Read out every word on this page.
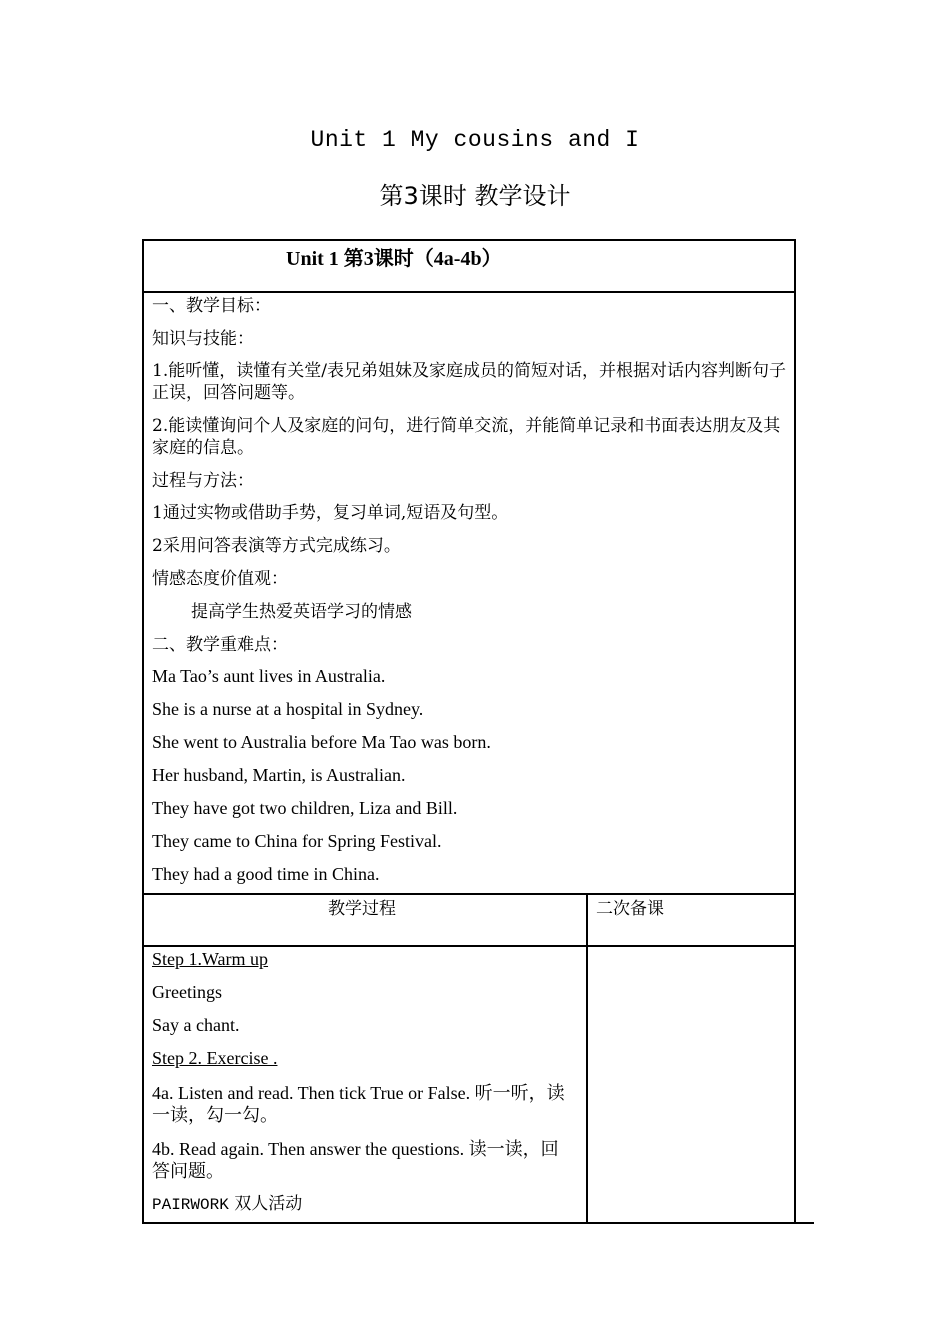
Unit 1 My cousins and I
第3课时 教学设计
Unit 1 第3课时（4a-4b）
一、教学目标：
知识与技能：
1.能听懂，读懂有关堂/表兄弟姐妹及家庭成员的简短对话，并根据对话内容判断句子正误，回答问题等。
2.能读懂询问个人及家庭的问句，进行简单交流，并能简单记录和书面表达朋友及其家庭的信息。
过程与方法：
1通过实物或借助手势，复习单词,短语及句型。
2采用问答表演等方式完成练习。
情感态度价值观：
提高学生热爱英语学习的情感
二、教学重难点：
Ma Tao’s aunt lives in Australia.
She is a nurse at a hospital in Sydney.
She went to Australia before Ma Tao was born.
Her husband, Martin, is Australian.
They have got two children, Liza and Bill.
They came to China for Spring Festival.
They had a good time in China.
教学过程	二次备课
Step 1.Warm up
Greetings
Say a chant.
Step 2. Exercise .
4a. Listen and read. Then tick True or False. 听一听，读一读，勾一勾。
4b. Read again. Then answer the questions. 读一读，回答问题。
PAIRWORK 双人活动
